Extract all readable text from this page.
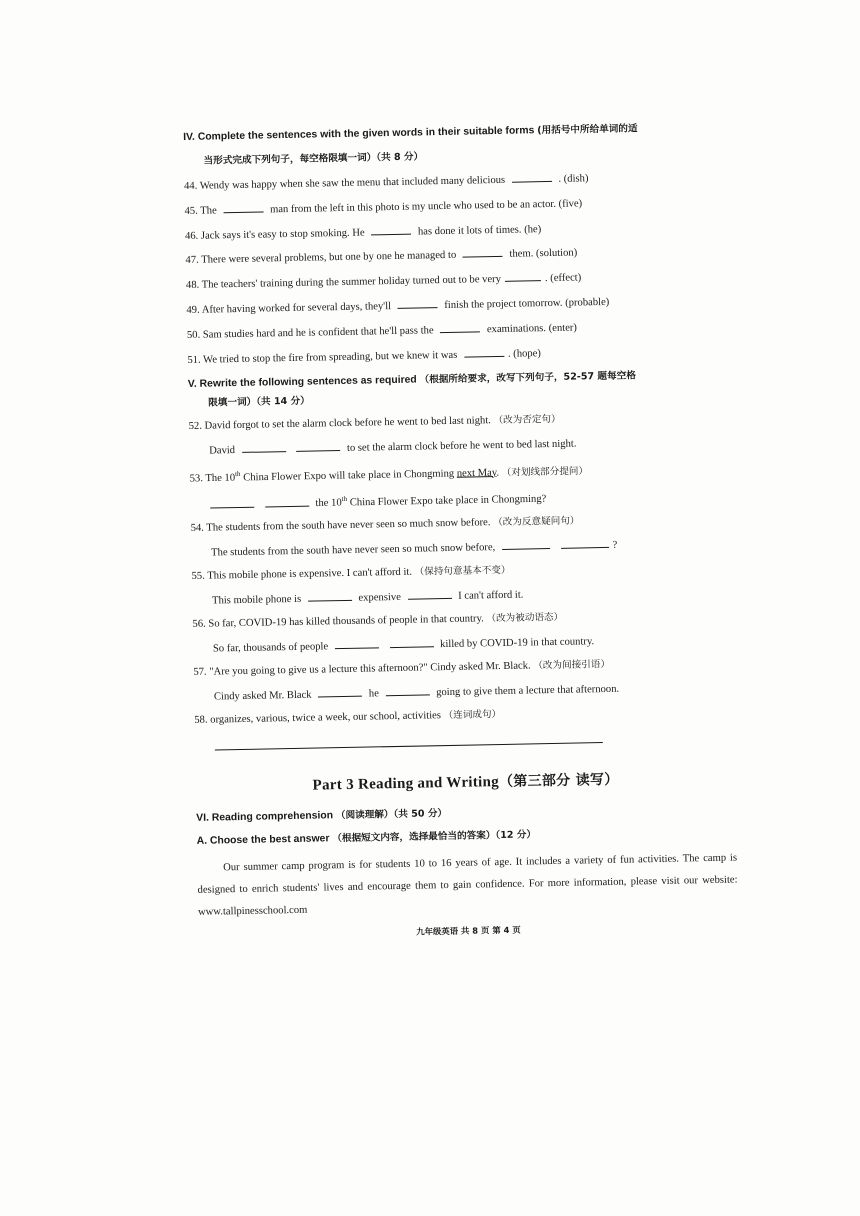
IV. Complete the sentences with the given words in their suitable forms (用括号中所给单词的适
当形式完成下列句子，每空格限填一词）（共 8 分）
44. Wendy was happy when she saw the menu that included many delicious	. (dish)
45. The	man from the left in this photo is my uncle who used to be an actor. (five)
46. Jack says it's easy to stop smoking. He	has done it lots of times. (he)
47. There were several problems, but one by one he managed to	them. (solution)
48. The teachers' training during the summer holiday turned out to be very	. (effect)
49. After having worked for several days, they'll	finish the project tomorrow. (probable)
50. Sam studies hard and he is confident that he'll pass the	examinations. (enter)
51. We tried to stop the fire from spreading, but we knew it was	. (hope)
V. Rewrite the following sentences as required （根据所给要求，改写下列句子，52-57 题每空格
限填一词）（共 14 分）
52. David forgot to set the alarm clock before he went to bed last night. （改为否定句）
David	to set the alarm clock before he went to bed last night.
53. The 10th China Flower Expo will take place in Chongming next May. （对划线部分提问）
the 10th China Flower Expo take place in Chongming?
54. The students from the south have never seen so much snow before. （改为反意疑问句）
The students from the south have never seen so much snow before,	?
55. This mobile phone is expensive. I can't afford it. （保持句意基本不变）
This mobile phone is	expensive	I can't afford it.
56. So far, COVID-19 has killed thousands of people in that country. （改为被动语态）
So far, thousands of people	killed by COVID-19 in that country.
57. "Are you going to give us a lecture this afternoon?" Cindy asked Mr. Black. （改为间接引语）
Cindy asked Mr. Black	he	going to give them a lecture that afternoon.
58. organizes, various, twice a week, our school, activities （连词成句）
Part 3 Reading and Writing（第三部分 读写）
VI. Reading comprehension （阅读理解）（共 50 分）
A. Choose the best answer （根据短文内容，选择最恰当的答案）（12 分）
Our summer camp program is for students 10 to 16 years of age. It includes a variety of fun activities. The camp is designed to enrich students' lives and encourage them to gain confidence. For more information, please visit our website: www.tallpinesschool.com
九年级英语 共 8 页 第 4 页
